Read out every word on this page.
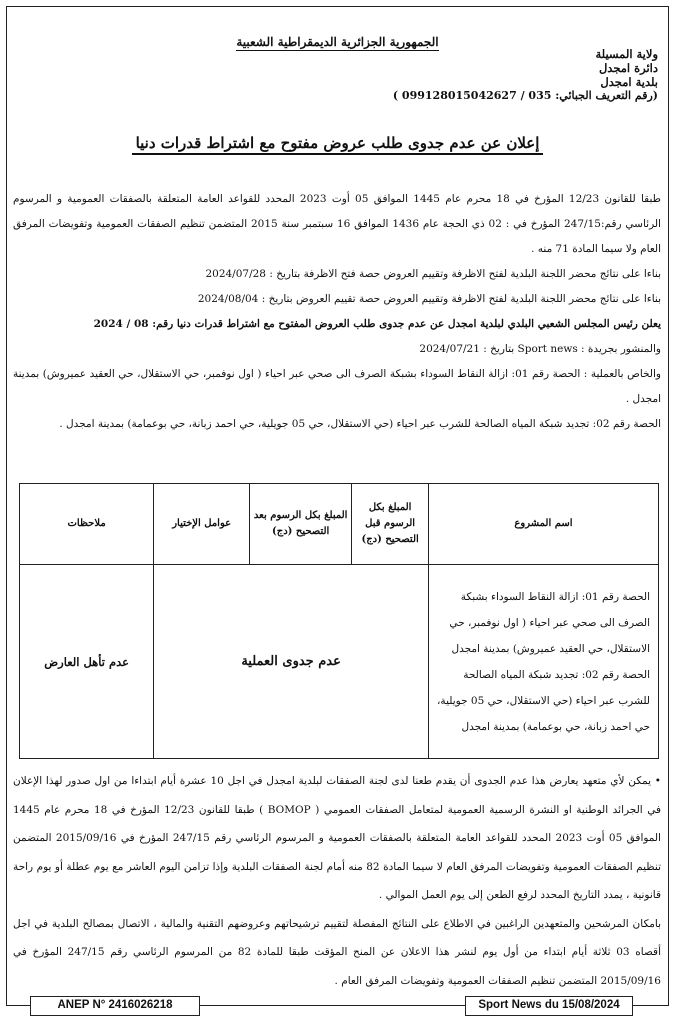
الجمهورية الجزائرية الديمقراطية الشعبية
ولاية المسيلة
دائرة امجدل
بلدية امجدل
(رقم التعريف الجبائي: 035 / 099128015042627 )
إعلان عن عدم جدوى طلب عروض مفتوح مع اشتراط قدرات دنيا

طبقا للقانون 12/23 المؤرخ في 18 محرم عام 1445 الموافق 05 أوت 2023 المحدد للقواعد العامة المتعلقة بالصفقات العمومية و المرسوم الرئاسي رقم:247/15 المؤرخ في : 02 ذي الحجة عام 1436 الموافق 16 سبتمبر سنة 2015 المتضمن تنظيم الصفقات العمومية وتفويضات المرفق العام ولا سيما المادة 71 منه .

بناءا على نتائج محضر اللجنة البلدية لفتح الاظرفة وتقييم العروض حصة فتح الاظرفة بتاريخ : 2024/07/28

بناءا على نتائج محضر اللجنة البلدية لفتح الاظرفة وتقييم العروض حصة تقييم العروض بتاريخ : 2024/08/04

يعلن رئيس المجلس الشعبي البلدي لبلدية امجدل عن عدم جدوى طلب العروض المفتوح مع اشتراط قدرات دنيا رقم: 08 / 2024

والمنشور بجريدة : Sport news بتاريخ : 2024/07/21

والخاص بالعملية : الحصة رقم 01: ازالة النقاط السوداء بشبكة الصرف الى صحي عبر احياء ( اول نوفمبر، حي الاستقلال، حي العقيد عميروش) بمدينة امجدل .

الحصة رقم 02: تجديد شبكة المياه الصالحة للشرب عبر احياء (حي الاستقلال، حي 05 جويلية، حي احمد زبانة، حي بوعمامة) بمدينة امجدل .

اسم المشروع	المبلغ بكل الرسوم قبل التصحيح (دج)	المبلغ بكل الرسوم بعد التصحيح (دج)	عوامل الإختيار	ملاحظات

الحصة رقم 01: ازالة النقاط السوداء بشبكة الصرف الى صحي عبر احياء ( اول نوفمبر، حي الاستقلال، حي العقيد عميروش) بمدينة امجدل
الحصة رقم 02: تجديد شبكة المياه الصالحة للشرب عبر احياء (حي الاستقلال، حي 05 جويلية، حي احمد زبانة، حي بوعمامة) بمدينة امجدل	عدم جدوى العملية			عدم تأهل العارض

• يمكن لأي متعهد يعارض هذا عدم الجدوى أن يقدم طعنا لدى لجنة الصفقات لبلدية امجدل في اجل 10 عشرة أيام ابتداءا من اول صدور لهذا الإعلان في الجرائد الوطنية او النشرة الرسمية العمومية لمتعامل الصفقات العمومي ( BOMOP ) طبقا للقانون 12/23 المؤرخ في 18 محرم عام 1445 الموافق 05 أوت 2023 المحدد للقواعد العامة المتعلقة بالصفقات العمومية و المرسوم الرئاسي رقم 247/15 المؤرخ في 2015/09/16 المتضمن تنظيم الصفقات العمومية وتفويضات المرفق العام لا سيما المادة 82 منه أمام لجنة الصفقات البلدية وإذا تزامن اليوم العاشر مع يوم عطلة أو يوم راحة قانونية ، يمدد التاريخ المحدد لرفع الطعن إلى يوم العمل الموالي .

بامكان المرشحين والمتعهدين الراغبين في الاطلاع على النتائج المفصلة لتقييم ترشيحاتهم وعروضهم التقنية والمالية ، الاتصال بمصالح البلدية في اجل أقصاه 03 ثلاثة أيام ابتداء من أول يوم لنشر هذا الاعلان عن المنح المؤقت طبقا للمادة 82 من المرسوم الرئاسي رقم 247/15 المؤرخ في 2015/09/16 المتضمن تنظيم الصفقات العمومية وتفويضات المرفق العام .

ANEP N° 2416026218	Sport News du 15/08/2024
